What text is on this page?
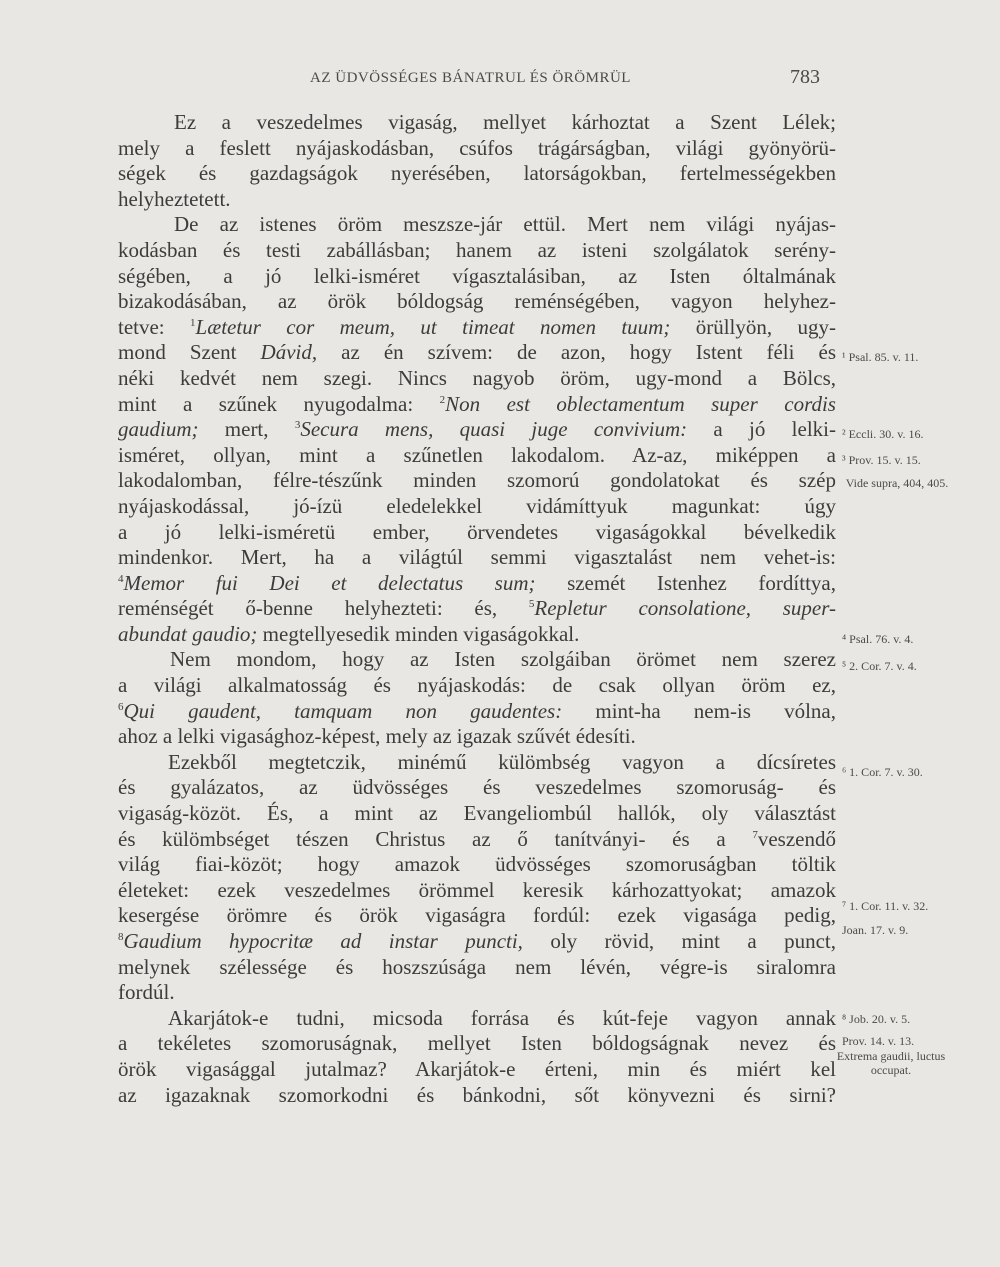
AZ ÜDVÖSSÉGES BÁNATRUL ÉS ÖRÖMRÜL	783
Ez a veszedelmes vigaság, mellyet kárhoztat a Szent Lélek;
mely a feslett nyájaskodásban, csúfos trágárságban, világi gyönyörü-
ségek és gazdagságok nyerésében, latorságokban, fertelmességekben
helyheztetett.
De az istenes öröm meszsze-jár ettül. Mert nem világi nyájas-
kodásban és testi zabállásban; hanem az isteni szolgálatok serény-
ségében, a jó lelki-isméret vígasztalásiban, az Isten óltalmának
bizakodásában, az örök bóldogság reménségében, vagyon helyhez-
tetve: $^1$Lætetur cor meum, ut timeat nomen tuum; örüllyön, ugy-
mond Szent Dávid, az én szívem: de azon, hogy Istent féli és
néki kedvét nem szegi. Nincs nagyob öröm, ugy-mond a Bölcs,
mint a szűnek nyugodalma: $^2$Non est oblectamentum super cordis
gaudium; mert, $^3$Secura mens, quasi juge convivium: a jó lelki-
isméret, ollyan, mint a szűnetlen lakodalom. Az-az, miképpen a
lakodalomban, félre-tészűnk minden szomorú gondolatokat és szép
nyájaskodással, jó-ízü eledelekkel vidámíttyuk magunkat: úgy
a jó lelki-isméretü ember, örvendetes vigaságokkal bévelkedik
mindenkor. Mert, ha a világtúl semmi vigasztalást nem vehet-is:
$^4$Memor fui Dei et delectatus sum; szemét Istenhez fordíttya,
reménségét ő-benne helyhezteti: és, $^5$Repletur consolatione, super-
abundat gaudio; megtellyesedik minden vigaságokkal.
Nem mondom, hogy az Isten szolgáiban örömet nem szerez
a világi alkalmatosság és nyájaskodás: de csak ollyan öröm ez,
$^6$Qui gaudent, tamquam non gaudentes: mint-ha nem-is vólna,
ahoz a lelki vigasághoz-képest, mely az igazak szűvét édesíti.
Ezekből megtetczik, minémű külömbség vagyon a dícsíretes
és gyalázatos, az üdvösséges és veszedelmes szomoruság- és
vigaság-közöt. És, a mint az Evangeliombúl hallók, oly választást
és külömbséget tészen Christus az ő tanítványi- és a $^7$veszendő
világ fiai-közöt; hogy amazok üdvösséges szomoruságban töltik
életeket: ezek veszedelmes örömmel keresik kárhozattyokat; amazok
kesergése örömre és örök vigaságra fordúl: ezek vigasága pedig,
$^8$Gaudium hypocritæ ad instar puncti, oly rövid, mint a punct,
melynek szélessége és hoszszúsága nem lévén, végre-is siralomra
fordúl.
Akarjátok-e tudni, micsoda forrása és kút-feje vagyon annak
a tekéletes szomoruságnak, mellyet Isten bóldogságnak nevez és
örök vigasággal jutalmaz? Akarjátok-e érteni, min és miért kel
az igazaknak szomorkodni és bánkodni, sőt könyvezni és sirni?
¹ Psal. 85. v. 11.
² Eccli. 30. v. 16.
³ Prov. 15. v. 15.
Vide supra, 404, 405.
⁴ Psal. 76. v. 4.
⁵ 2. Cor. 7. v. 4.
⁶ 1. Cor. 7. v. 30.
⁷ 1. Cor. 11. v. 32.
Joan. 17. v. 9.
⁸ Job. 20. v. 5.
Prov. 14. v. 13.
Extrema gaudii, luctus occupat.
